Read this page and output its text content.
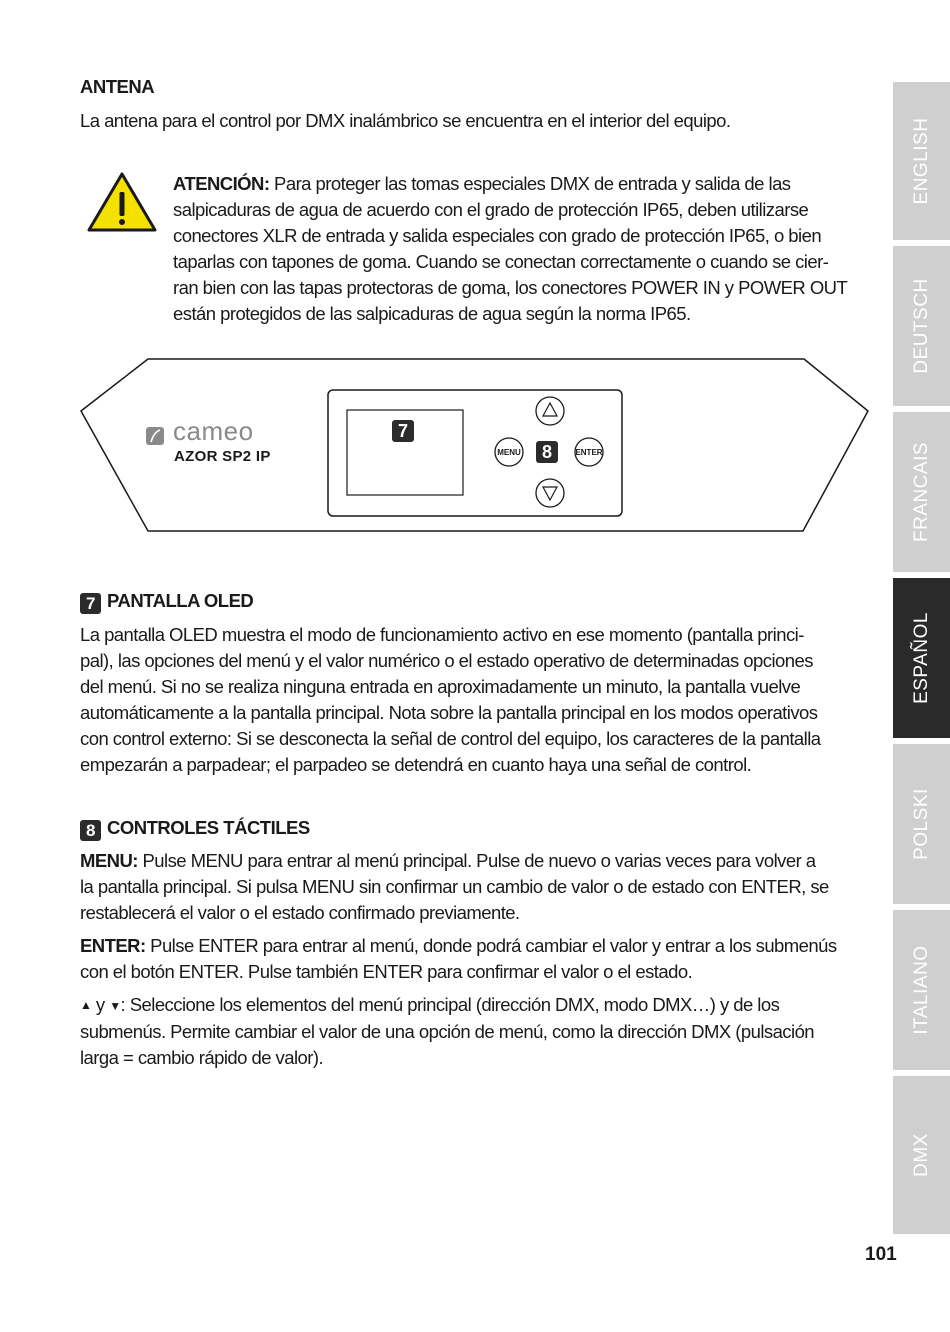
ANTENA
La antena para el control por DMX inalámbrico se encuentra en el interior del equipo.
ATENCIÓN: Para proteger las tomas especiales DMX de entrada y salida de las
salpicaduras de agua de acuerdo con el grado de protección IP65, deben utilizarse
conectores XLR de entrada y salida especiales con grado de protección IP65, o bien
taparlas con tapones de goma. Cuando se conectan correctamente o cuando se cier-
ran bien con las tapas protectoras de goma, los conectores POWER IN y POWER OUT
están protegidos de las salpicaduras de agua según la norma IP65.
cameo
AZOR SP2 IP
7
8
MENU	ENTER
7 PANTALLA OLED
La pantalla OLED muestra el modo de funcionamiento activo en ese momento (pantalla princi-
pal), las opciones del menú y el valor numérico o el estado operativo de determinadas opciones
del menú. Si no se realiza ninguna entrada en aproximadamente un minuto, la pantalla vuelve
automáticamente a la pantalla principal. Nota sobre la pantalla principal en los modos operativos
con control externo: Si se desconecta la señal de control del equipo, los caracteres de la pantalla
empezarán a parpadear; el parpadeo se detendrá en cuanto haya una señal de control.
8 CONTROLES TÁCTILES
MENU: Pulse MENU para entrar al menú principal. Pulse de nuevo o varias veces para volver a
la pantalla principal. Si pulsa MENU sin confirmar un cambio de valor o de estado con ENTER, se
restablecerá el valor o el estado confirmado previamente.
ENTER: Pulse ENTER para entrar al menú, donde podrá cambiar el valor y entrar a los submenús
con el botón ENTER. Pulse también ENTER para confirmar el valor o el estado.
▲ y ▼: Seleccione los elementos del menú principal (dirección DMX, modo DMX…) y de los
submenús. Permite cambiar el valor de una opción de menú, como la dirección DMX (pulsación
larga = cambio rápido de valor).
ENGLISH
DEUTSCH
FRANCAIS
ESPAÑOL
POLSKI
ITALIANO
DMX
101
